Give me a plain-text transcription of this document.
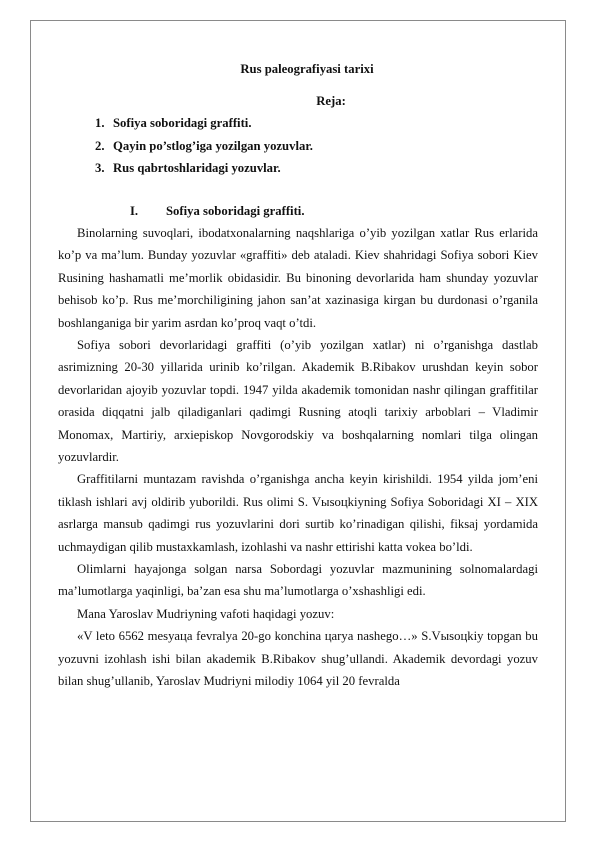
Rus paleografiyasi tarixi
Reja:
1. Sofiya soboridagi graffiti.
2. Qayin po’stlog’iga yozilgan yozuvlar.
3. Rus qabrtoshlaridagi yozuvlar.
I. Sofiya soboridagi graffiti.

Binolarning suvoqlari, ibodatxonalarning naqshlariga o’yib yozilgan xatlar Rus erlarida ko’p va ma’lum. Bunday yozuvlar «graffiti» deb ataladi. Kiev shahridagi Sofiya sobori Kiev Rusining hashamatli me’morlik obidasidir. Bu binoning devorlarida ham shunday yozuvlar behisob ko’p. Rus me’morchiligining jahon san’at xazinasiga kirgan bu durdonasi o’rganila boshlanganiga bir yarim asrdan ko’proq vaqt o’tdi.

Sofiya sobori devorlaridagi graffiti (o’yib yozilgan xatlar) ni o’rganishga dastlab asrimizning 20-30 yillarida urinib ko’rilgan. Akademik B.Ribakov urushdan keyin sobor devorlaridan ajoyib yozuvlar topdi. 1947 yilda akademik tomonidan nashr qilingan graffitilar orasida diqqatni jalb qiladiganlari qadimgi Rusning atoqli tarixiy arboblari – Vladimir Monomax, Martiriy, arxiepiskop Novgorodskiy va boshqalarning nomlari tilga olingan yozuvlardir.

Graffitilarni muntazam ravishda o’rganishga ancha keyin kirishildi. 1954 yilda jom’eni tiklash ishlari avj oldirib yuborildi. Rus olimi S. Vыsoцkiyning Sofiya Soboridagi XI – XIX asrlarga mansub qadimgi rus yozuvlarini dori surtib ko’rinadigan qilishi, fiksaj yordamida uchmaydigan qilib mustaxkamlash, izohlashi va nashr ettirishi katta vokea bo’ldi.

Olimlarni hayajonga solgan narsa Sobordagi yozuvlar mazmunining solnomalardagi ma’lumotlarga yaqinligi, ba’zan esa shu ma’lumotlarga o’xshashligi edi.

Mana Yaroslav Mudriyning vafoti haqidagi yozuv:

«V leto 6562 mesyaцa fevralya 20-go konchina цarya nashego…» S.Vыsoцkiy topgan bu yozuvni izohlash ishi bilan akademik B.Ribakov shug’ullandi. Akademik devordagi yozuv bilan shug’ullanib, Yaroslav Mudriyni milodiy 1064 yil 20 fevralda
